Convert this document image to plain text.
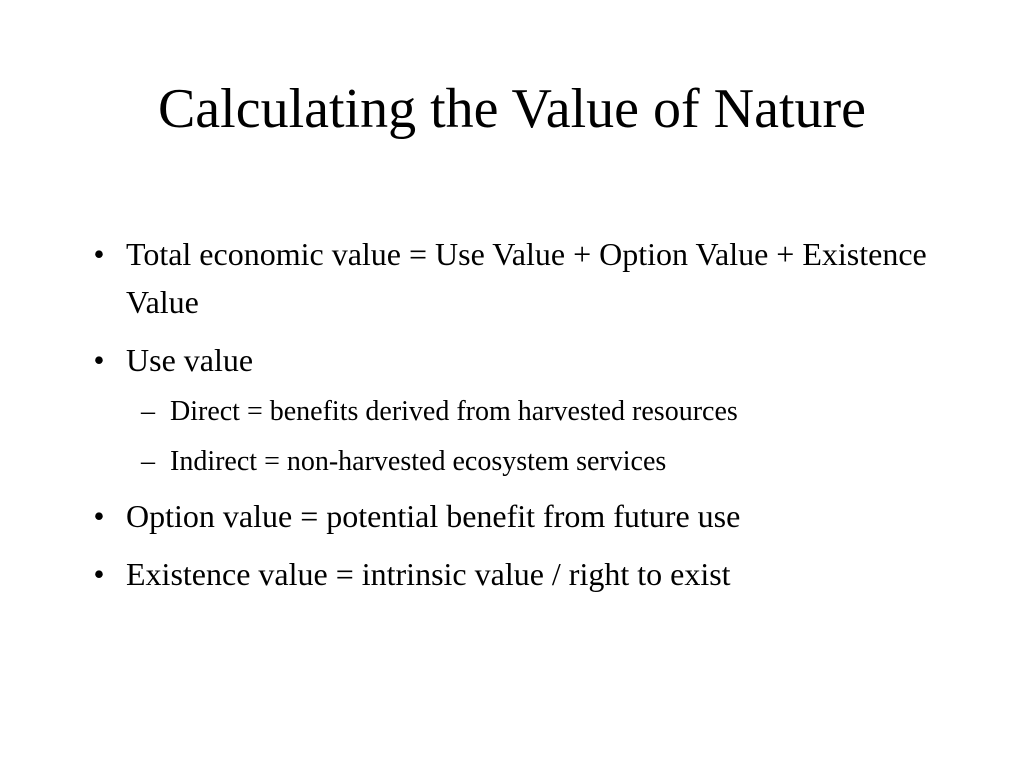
Calculating the Value of Nature
• Total economic value = Use Value + Option Value + Existence Value
• Use value
– Direct = benefits derived from harvested resources
– Indirect = non-harvested ecosystem services
• Option value = potential benefit from future use
• Existence value = intrinsic value / right to exist
